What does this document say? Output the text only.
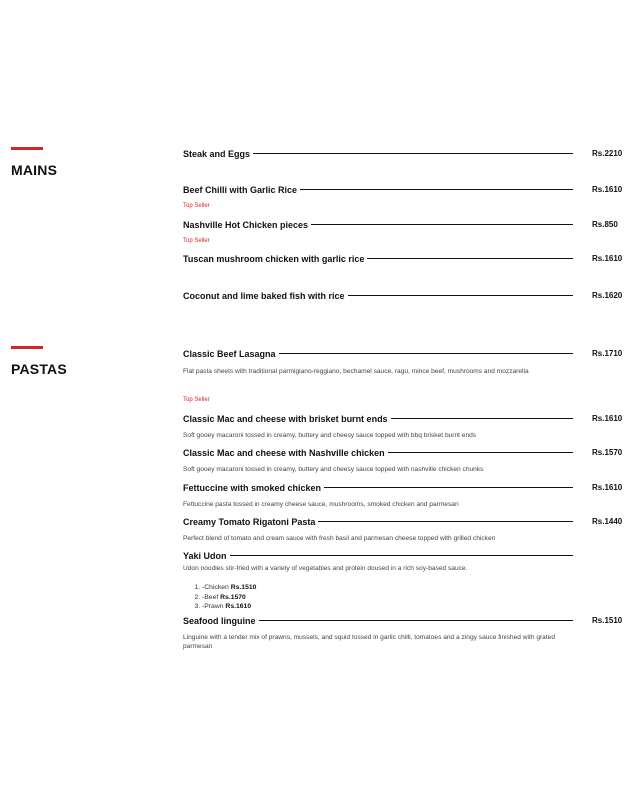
MAINS
Steak and Eggs	Rs.2210
Beef Chilli with Garlic Rice	Rs.1610
Top Seller
Nashville Hot Chicken pieces	Rs.850
Top Seller
Tuscan mushroom chicken with garlic rice	Rs.1610
Coconut and lime baked fish with rice	Rs.1620
PASTAS
Classic Beef Lasagna	Rs.1710
Flat pasta sheets with traditional parmigiano-reggiano, bechamel sauce, ragu, mince beef, mushrooms and mozzarella
Top Seller
Classic Mac and cheese with brisket burnt ends	Rs.1610
Soft gooey macaroni tossed in creamy, buttery and cheesy sauce topped with bbq brisket burnt ends
Classic Mac and cheese with Nashville chicken	Rs.1570
Soft gooey macaroni tossed in creamy, buttery and cheesy sauce topped with nashville chicken chunks
Fettuccine with smoked chicken	Rs.1610
Fettuccine pasta tossed in creamy cheese sauce, mushrooms, smoked chicken and parmesan
Creamy Tomato Rigatoni Pasta	Rs.1440
Perfect blend of tomato and cream sauce with fresh basil and parmesan cheese topped with grilled chicken
Yaki Udon
Udon noodles stir-fried with a variety of vegetables and protein doused in a rich soy-based sauce.
1. -Chicken Rs.1510
2. -Beef Rs.1570
3. -Prawn Rs.1610
Seafood linguine	Rs.1510
Linguine with a tender mix of prawns, mussels, and squid tossed in garlic chilli, tomatoes and a zingy sauce finished with grated parmesan
